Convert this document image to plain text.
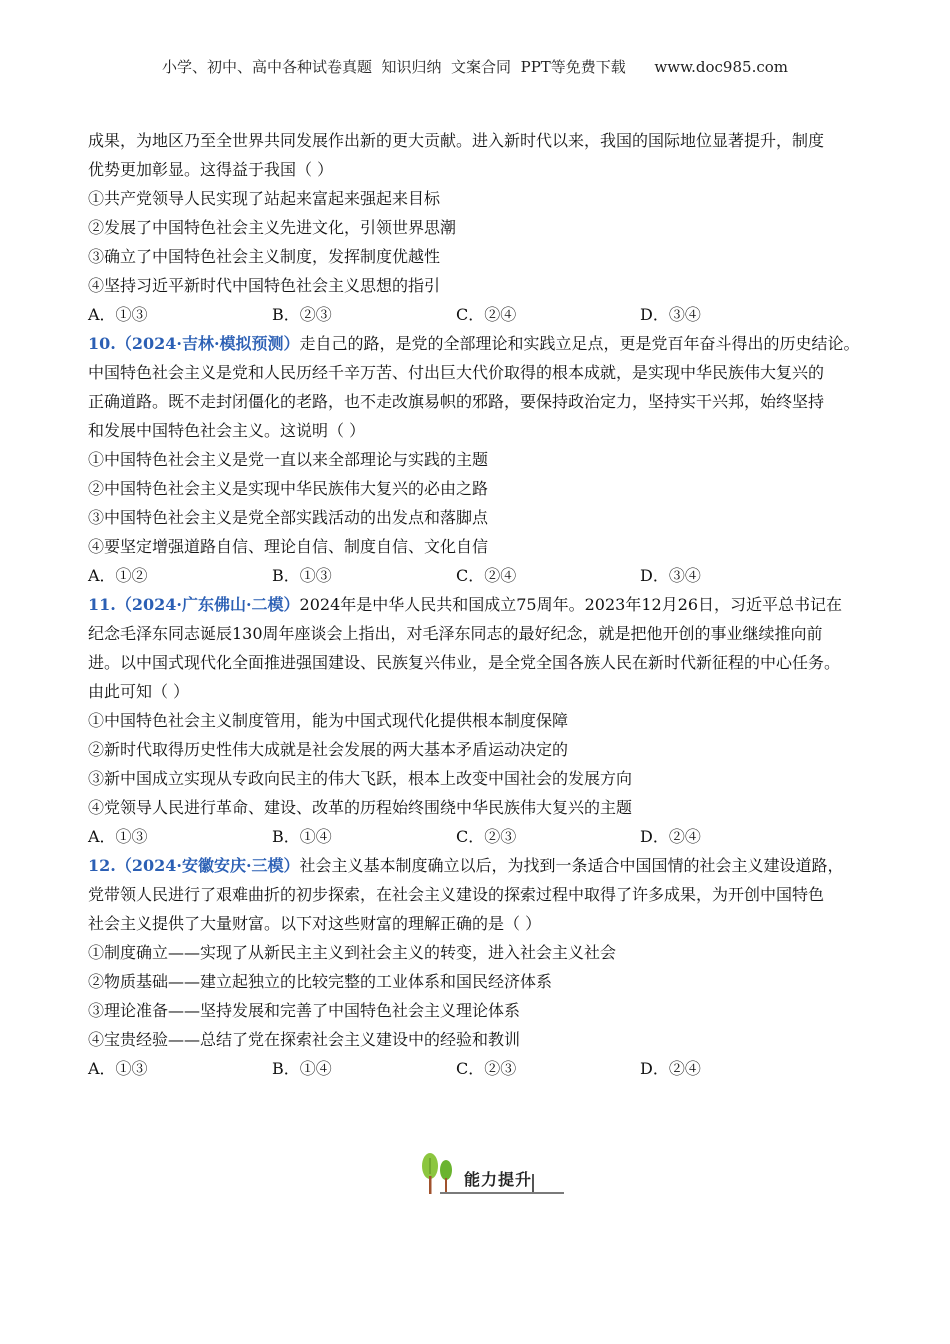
小学、初中、高中各种试卷真题  知识归纳  文案合同  PPT等免费下载      www.doc985.com
成果，为地区乃至全世界共同发展作出新的更大贡献。进入新时代以来，我国的国际地位显著提升，制度
优势更加彰显。这得益于我国（ ）
①共产党领导人民实现了站起来富起来强起来目标
②发展了中国特色社会主义先进文化，引领世界思潮
③确立了中国特色社会主义制度，发挥制度优越性
④坚持习近平新时代中国特色社会主义思想的指引
A．①③	B．②③	C．②④	D．③④
10.（2024·吉林·模拟预测）走自己的路，是党的全部理论和实践立足点，更是党百年奋斗得出的历史结论。
中国特色社会主义是党和人民历经千辛万苦、付出巨大代价取得的根本成就，是实现中华民族伟大复兴的
正确道路。既不走封闭僵化的老路，也不走改旗易帜的邪路，要保持政治定力，坚持实干兴邦，始终坚持
和发展中国特色社会主义。这说明（ ）
①中国特色社会主义是党一直以来全部理论与实践的主题
②中国特色社会主义是实现中华民族伟大复兴的必由之路
③中国特色社会主义是党全部实践活动的出发点和落脚点
④要坚定增强道路自信、理论自信、制度自信、文化自信
A．①②	B．①③	C．②④	D．③④
11.（2024·广东佛山·二模）2024年是中华人民共和国成立75周年。2023年12月26日，习近平总书记在
纪念毛泽东同志诞辰130周年座谈会上指出，对毛泽东同志的最好纪念，就是把他开创的事业继续推向前
进。以中国式现代化全面推进强国建设、民族复兴伟业，是全党全国各族人民在新时代新征程的中心任务。
由此可知（ ）
①中国特色社会主义制度管用，能为中国式现代化提供根本制度保障
②新时代取得历史性伟大成就是社会发展的两大基本矛盾运动决定的
③新中国成立实现从专政向民主的伟大飞跃，根本上改变中国社会的发展方向
④党领导人民进行革命、建设、改革的历程始终围绕中华民族伟大复兴的主题
A．①③	B．①④	C．②③	D．②④
12.（2024·安徽安庆·三模）社会主义基本制度确立以后，为找到一条适合中国国情的社会主义建设道路，
党带领人民进行了艰难曲折的初步探索，在社会主义建设的探索过程中取得了许多成果，为开创中国特色
社会主义提供了大量财富。以下对这些财富的理解正确的是（ ）
①制度确立——实现了从新民主主义到社会主义的转变，进入社会主义社会
②物质基础——建立起独立的比较完整的工业体系和国民经济体系
③理论准备——坚持发展和完善了中国特色社会主义理论体系
④宝贵经验——总结了党在探索社会主义建设中的经验和教训
A．①③	B．①④	C．②③	D．②④
能力提升
